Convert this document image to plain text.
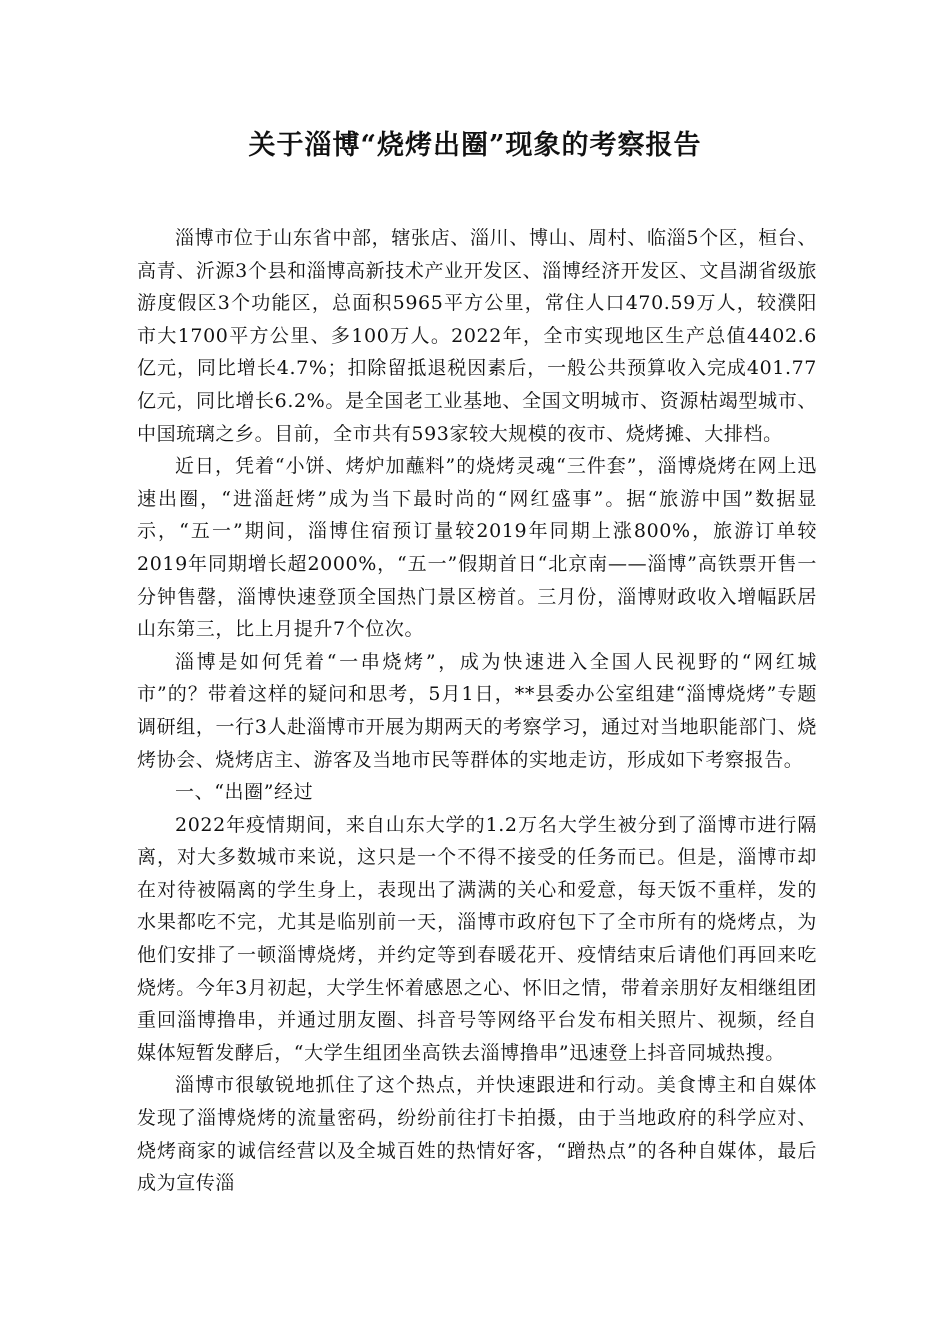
关于淄博“烧烤出圈”现象的考察报告

淄博市位于山东省中部，辖张店、淄川、博山、周村、临淄5个区，桓台、高青、沂源3个县和淄博高新技术产业开发区、淄博经济开发区、文昌湖省级旅游度假区3个功能区，总面积5965平方公里，常住人口470.59万人，较濮阳市大1700平方公里、多100万人。2022年，全市实现地区生产总值4402.6亿元，同比增长4.7%；扣除留抵退税因素后，一般公共预算收入完成401.77亿元，同比增长6.2%。是全国老工业基地、全国文明城市、资源枯竭型城市、中国琉璃之乡。目前，全市共有593家较大规模的夜市、烧烤摊、大排档。

近日，凭着“小饼、烤炉加蘸料”的烧烤灵魂“三件套”，淄博烧烤在网上迅速出圈，“进淄赶烤”成为当下最时尚的“网红盛事”。据“旅游中国”数据显示，“五一”期间，淄博住宿预订量较2019年同期上涨800%，旅游订单较2019年同期增长超2000%，“五一”假期首日“北京南——淄博”高铁票开售一分钟售罄，淄博快速登顶全国热门景区榜首。三月份，淄博财政收入增幅跃居山东第三，比上月提升7个位次。

淄博是如何凭着“一串烧烤”，成为快速进入全国人民视野的“网红城市”的？带着这样的疑问和思考，5月1日，**县委办公室组建“淄博烧烤”专题调研组，一行3人赴淄博市开展为期两天的考察学习，通过对当地职能部门、烧烤协会、烧烤店主、游客及当地市民等群体的实地走访，形成如下考察报告。

一、“出圈”经过

2022年疫情期间，来自山东大学的1.2万名大学生被分到了淄博市进行隔离，对大多数城市来说，这只是一个不得不接受的任务而已。但是，淄博市却在对待被隔离的学生身上，表现出了满满的关心和爱意，每天饭不重样，发的水果都吃不完，尤其是临别前一天，淄博市政府包下了全市所有的烧烤点，为他们安排了一顿淄博烧烤，并约定等到春暖花开、疫情结束后请他们再回来吃烧烤。今年3月初起，大学生怀着感恩之心、怀旧之情，带着亲朋好友相继组团重回淄博撸串，并通过朋友圈、抖音号等网络平台发布相关照片、视频，经自媒体短暂发酵后，“大学生组团坐高铁去淄博撸串”迅速登上抖音同城热搜。

淄博市很敏锐地抓住了这个热点，并快速跟进和行动。美食博主和自媒体发现了淄博烧烤的流量密码，纷纷前往打卡拍摄，由于当地政府的科学应对、烧烤商家的诚信经营以及全城百姓的热情好客，“蹭热点”的各种自媒体，最后成为宣传淄
